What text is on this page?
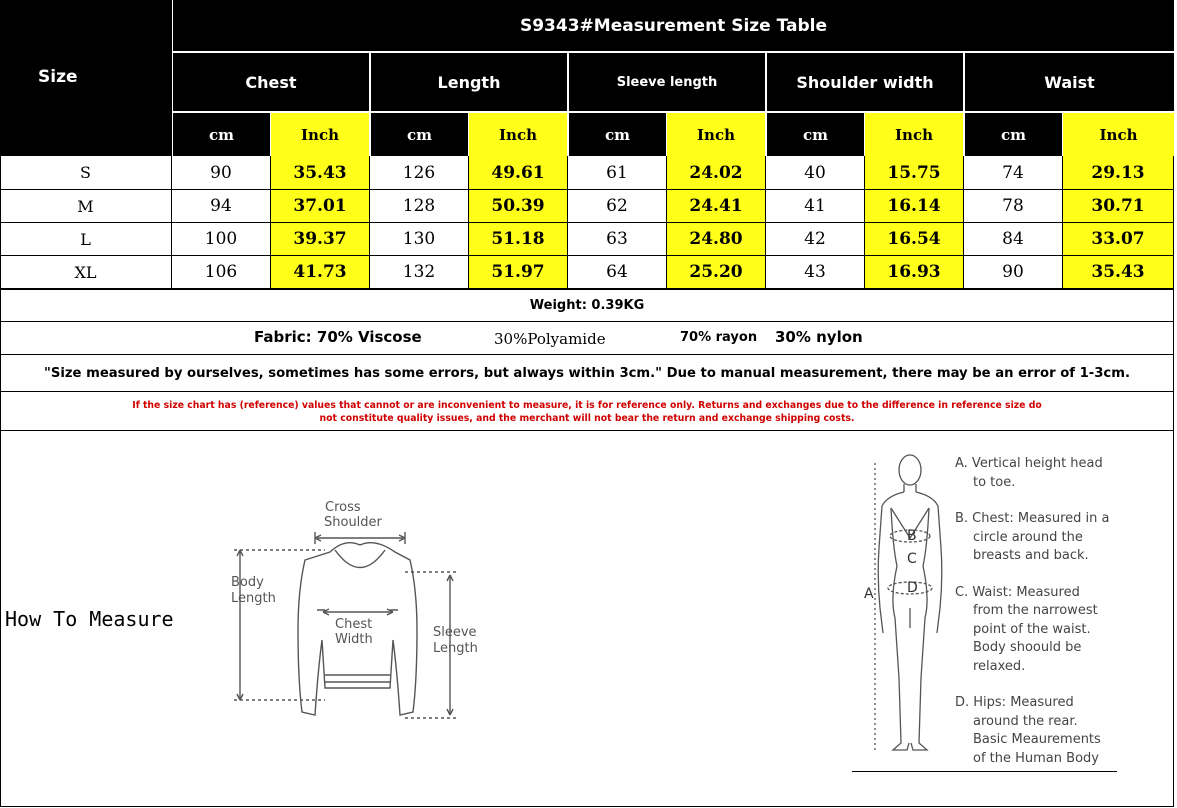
Size
S9343#Measurement Size Table
Chest	Length	Sleeve length	Shoulder width	Waist
cm	Inch	cm	Inch	cm	Inch	cm	Inch	cm	Inch
S	90	35.43	126	49.61	61	24.02	40	15.75	74	29.13
M	94	37.01	128	50.39	62	24.41	41	16.14	78	30.71
L	100	39.37	130	51.18	63	24.80	42	16.54	84	33.07
XL	106	41.73	132	51.97	64	25.20	43	16.93	90	35.43
Weight: 0.39KG
Fabric: 70% Viscose	30%Polyamide	70% rayon 30% nylon
"Size measured by ourselves, sometimes has some errors, but always within 3cm." Due to manual measurement, there may be an error of 1-3cm.
If the size chart has (reference) values that cannot or are inconvenient to measure, it is for reference only. Returns and exchanges due to the difference in reference size do
not constitute quality issues, and the merchant will not bear the return and exchange shipping costs.
How To Measure
Cross
Shoulder
Body
Length
Chest
Width	Sleeve
Length
B
C
D
A
A. Vertical height head
to toe.
B. Chest: Measured in a
circle around the
breasts and back.
C. Waist: Measured
from the narrowest
point of the waist.
Body shoould be
relaxed.
D. Hips: Measured
around the rear.
Basic Meaurements
of the Human Body
